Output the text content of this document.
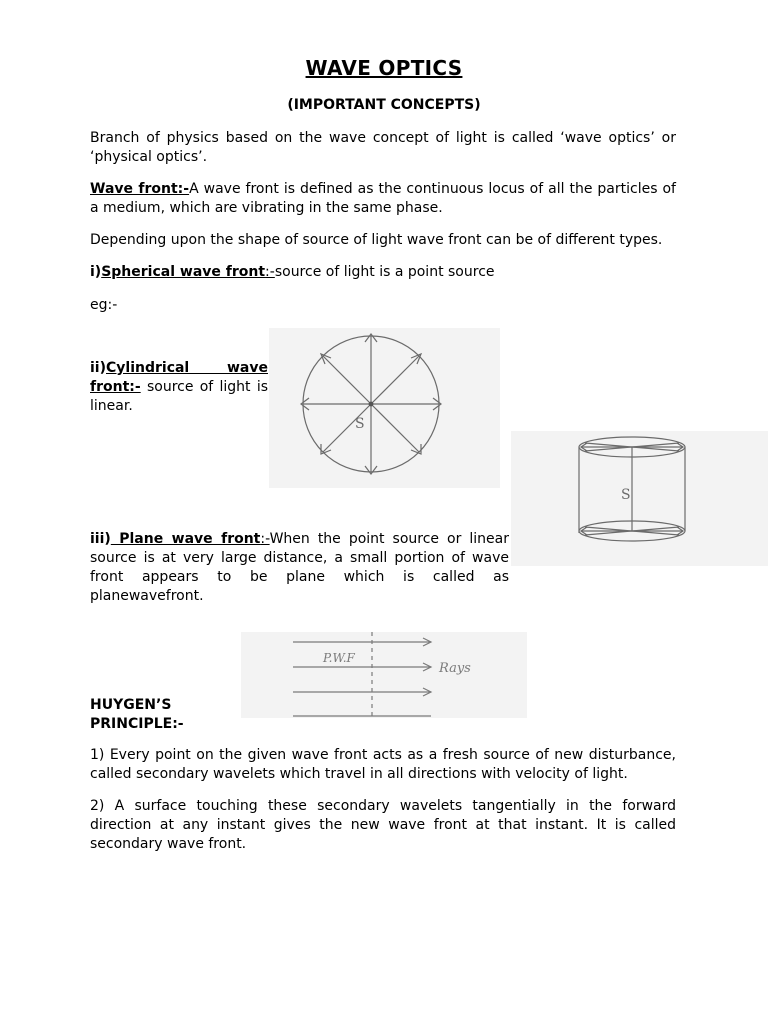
WAVE OPTICS
(IMPORTANT CONCEPTS)

Branch of physics based on the wave concept of light is called ‘wave optics’ or ‘physical optics’.

Wave front:-A wave front is defined as the continuous locus of all the particles of a medium, which are vibrating in the same phase.

Depending upon the shape of source of light wave front can be of different types.

i)Spherical wave front:-source of light is a point source

eg:-

S

ii)Cylindrical wave front:- source of light is linear.

S

iii) Plane wave front:-When the point source or linear source is at very large distance, a small portion of wave front appears to be plane which is called as planewavefront.

P.W.F
Rays

HUYGEN’S

PRINCIPLE:-

1) Every point on the given wave front acts as a fresh source of new disturbance, called secondary wavelets which travel in all directions with velocity of light.

2) A surface touching these secondary wavelets tangentially in the forward direction at any instant gives the new wave front at that instant. It is called secondary wave front.
